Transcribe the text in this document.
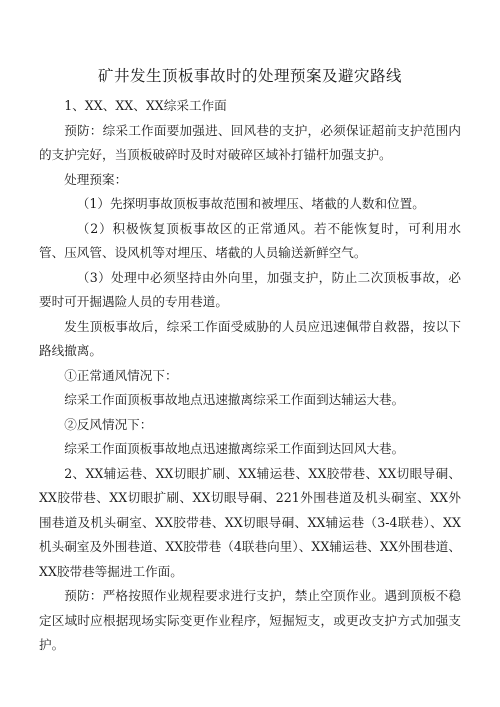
矿井发生顶板事故时的处理预案及避灾路线

1、XX、XX、XX综采工作面

预防：综采工作面要加强进、回风巷的支护，必须保证超前支护范围内的支护完好，当顶板破碎时及时对破碎区域补打锚杆加强支护。

处理预案：

（1）先探明事故顶板事故范围和被埋压、堵截的人数和位置。

（2）积极恢复顶板事故区的正常通风。若不能恢复时，可利用水管、压风管、设风机等对埋压、堵截的人员输送新鲜空气。

（3）处理中必须坚持由外向里，加强支护，防止二次顶板事故，必要时可开掘遇险人员的专用巷道。

发生顶板事故后，综采工作面受威胁的人员应迅速佩带自救器，按以下路线撤离。

①正常通风情况下：

综采工作面顶板事故地点迅速撤离综采工作面到达辅运大巷。

②反风情况下：

综采工作面顶板事故地点迅速撤离综采工作面到达回风大巷。

2、XX辅运巷、XX切眼扩刷、XX辅运巷、XX胶带巷、XX切眼导硐、XX胶带巷、XX切眼扩刷、XX切眼导硐、221外围巷道及机头硐室、XX外围巷道及机头硐室、XX胶带巷、XX切眼导硐、XX辅运巷（3-4联巷）、XX机头硐室及外围巷道、XX胶带巷（4联巷向里）、XX辅运巷、XX外围巷道、XX胶带巷等掘进工作面。

预防：严格按照作业规程要求进行支护，禁止空顶作业。遇到顶板不稳定区域时应根据现场实际变更作业程序，短掘短支，或更改支护方式加强支护。
